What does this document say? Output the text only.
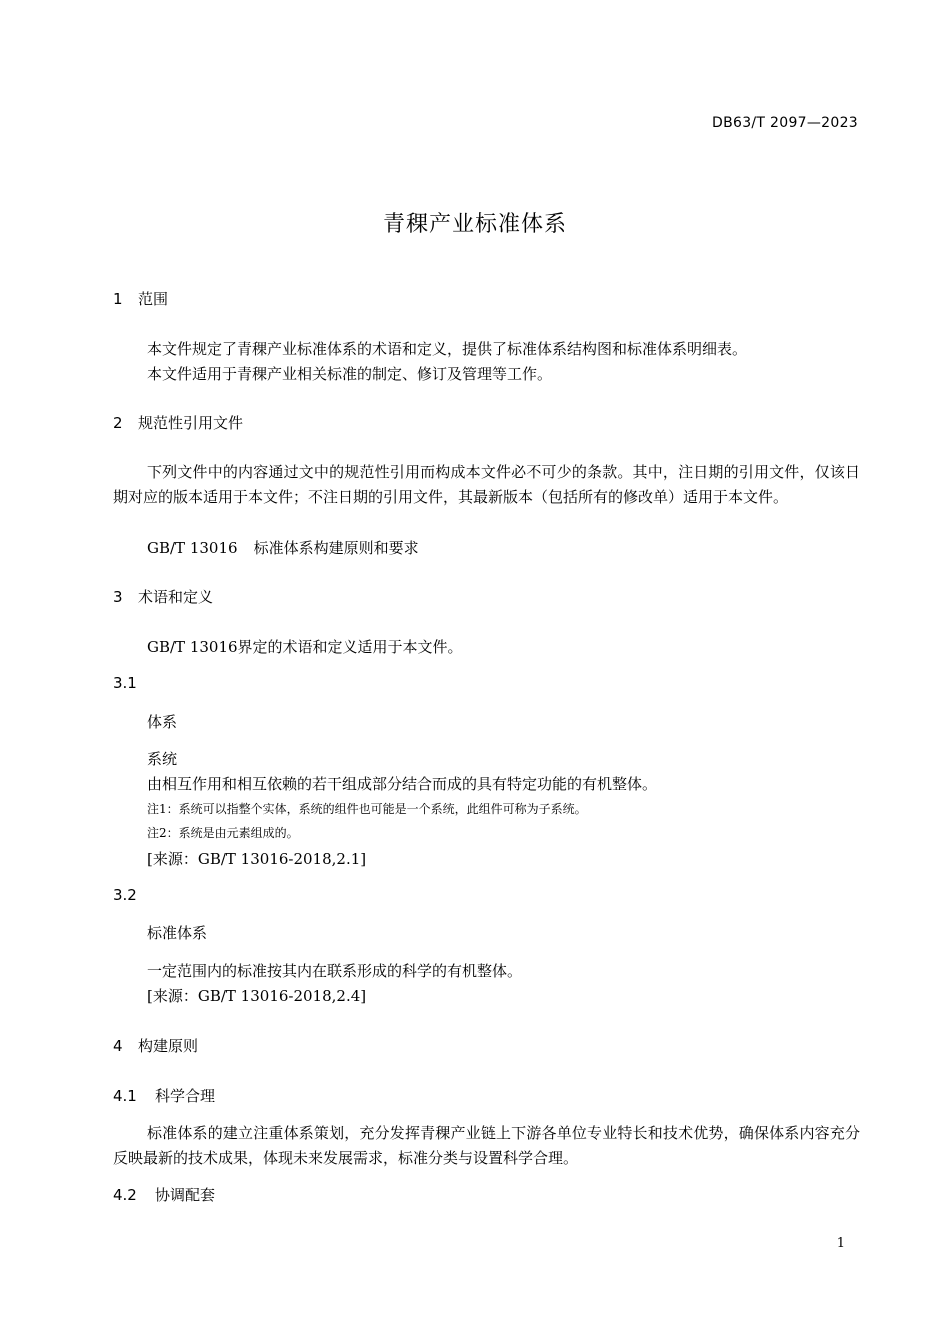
DB63/T 2097—2023
青稞产业标准体系
1 范围
本文件规定了青稞产业标准体系的术语和定义，提供了标准体系结构图和标准体系明细表。
本文件适用于青稞产业相关标准的制定、修订及管理等工作。
2 规范性引用文件
下列文件中的内容通过文中的规范性引用而构成本文件必不可少的条款。其中，注日期的引用文件，仅该日期对应的版本适用于本文件；不注日期的引用文件，其最新版本（包括所有的修改单）适用于本文件。
GB/T 13016 标准体系构建原则和要求
3 术语和定义
GB/T 13016界定的术语和定义适用于本文件。
3.1
体系
系统
由相互作用和相互依赖的若干组成部分结合而成的具有特定功能的有机整体。
注1：系统可以指整个实体，系统的组件也可能是一个系统，此组件可称为子系统。
注2：系统是由元素组成的。
[来源：GB/T 13016-2018,2.1]
3.2
标准体系
一定范围内的标准按其内在联系形成的科学的有机整体。
[来源：GB/T 13016-2018,2.4]
4 构建原则
4.1 科学合理
标准体系的建立注重体系策划，充分发挥青稞产业链上下游各单位专业特长和技术优势，确保体系内容充分反映最新的技术成果，体现未来发展需求，标准分类与设置科学合理。
4.2 协调配套
1
